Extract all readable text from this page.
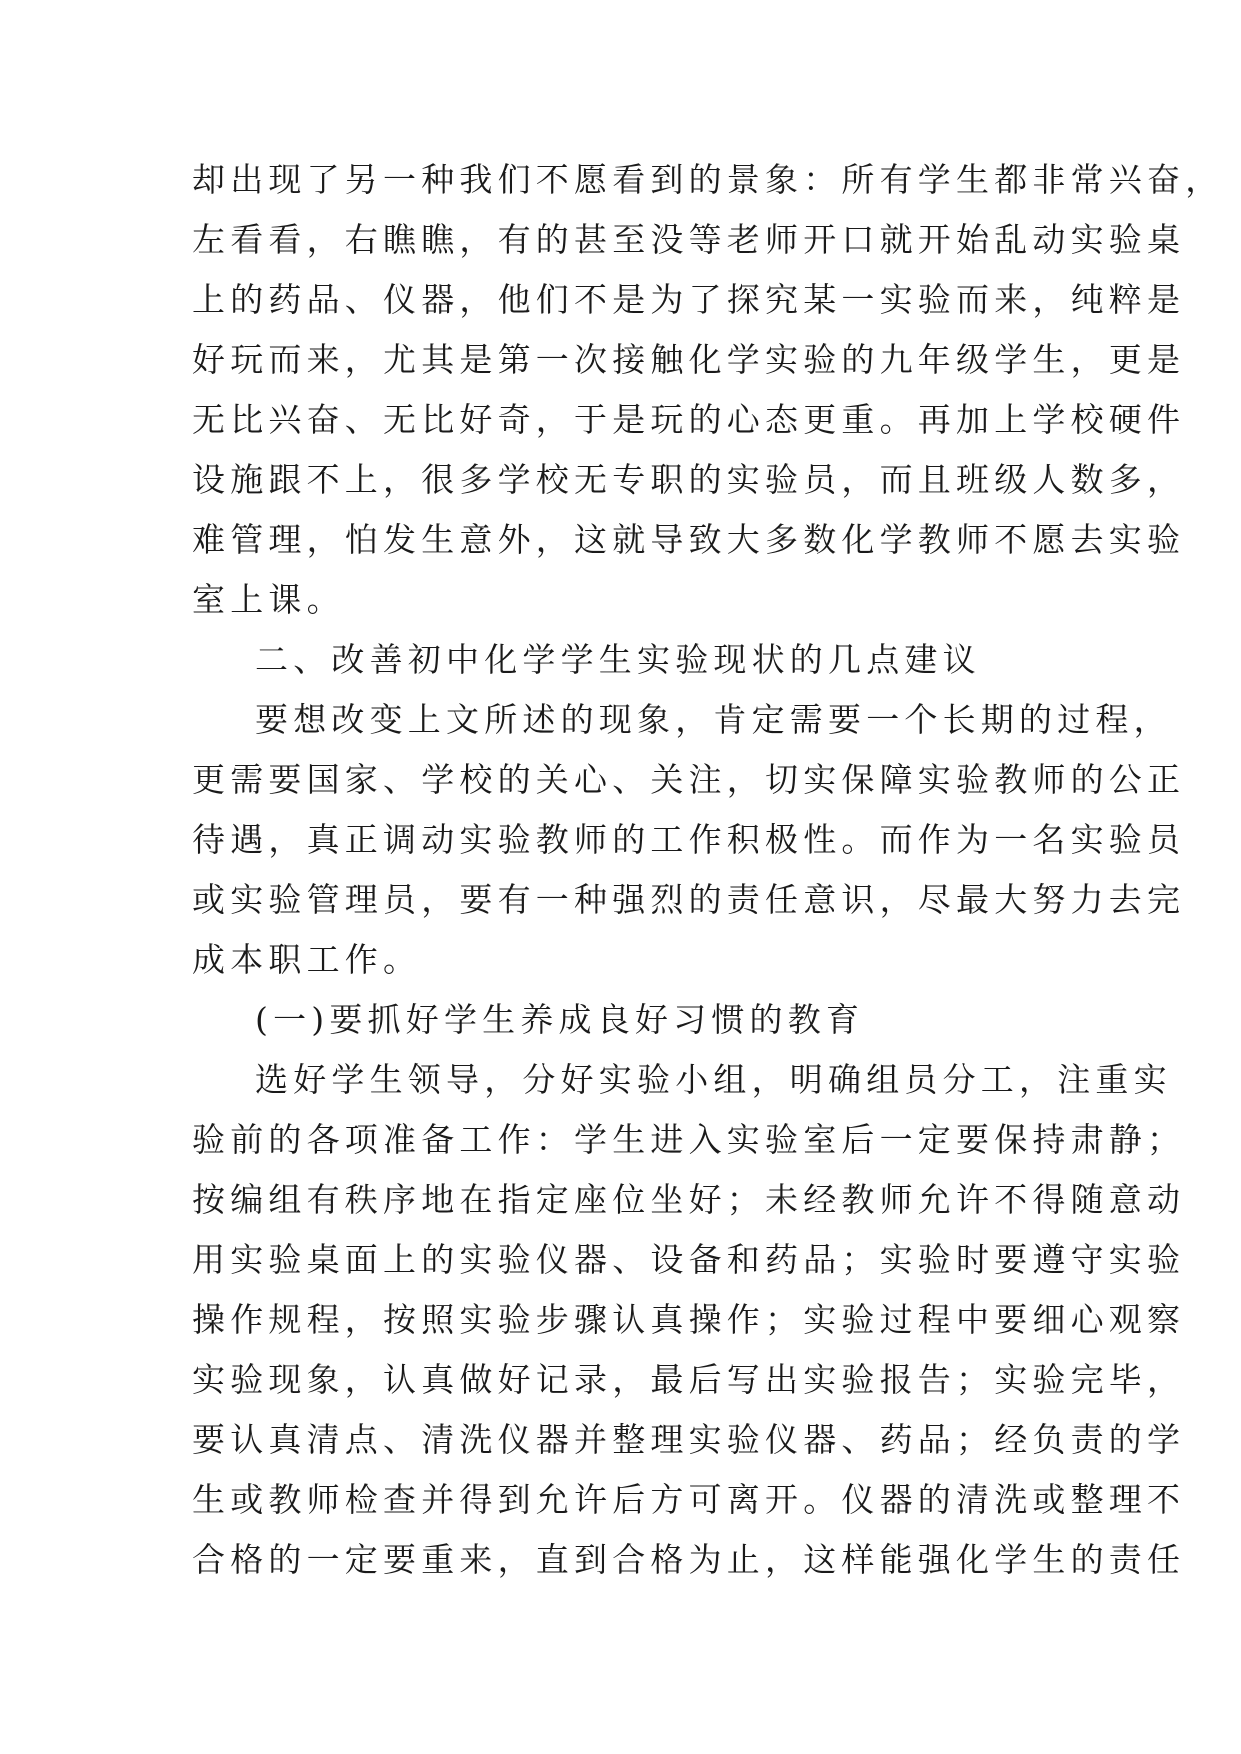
却出现了另一种我们不愿看到的景象：所有学生都非常兴奋，
左看看，右瞧瞧，有的甚至没等老师开口就开始乱动实验桌
上的药品、仪器，他们不是为了探究某一实验而来，纯粹是
好玩而来，尤其是第一次接触化学实验的九年级学生，更是
无比兴奋、无比好奇，于是玩的心态更重。再加上学校硬件
设施跟不上，很多学校无专职的实验员，而且班级人数多，
难管理，怕发生意外，这就导致大多数化学教师不愿去实验
室上课。
二、改善初中化学学生实验现状的几点建议
要想改变上文所述的现象，肯定需要一个长期的过程，
更需要国家、学校的关心、关注，切实保障实验教师的公正
待遇，真正调动实验教师的工作积极性。而作为一名实验员
或实验管理员，要有一种强烈的责任意识，尽最大努力去完
成本职工作。
(一)要抓好学生养成良好习惯的教育
选好学生领导，分好实验小组，明确组员分工，注重实
验前的各项准备工作：学生进入实验室后一定要保持肃静；
按编组有秩序地在指定座位坐好；未经教师允许不得随意动
用实验桌面上的实验仪器、设备和药品；实验时要遵守实验
操作规程，按照实验步骤认真操作；实验过程中要细心观察
实验现象，认真做好记录，最后写出实验报告；实验完毕，
要认真清点、清洗仪器并整理实验仪器、药品；经负责的学
生或教师检查并得到允许后方可离开。仪器的清洗或整理不
合格的一定要重来，直到合格为止，这样能强化学生的责任
